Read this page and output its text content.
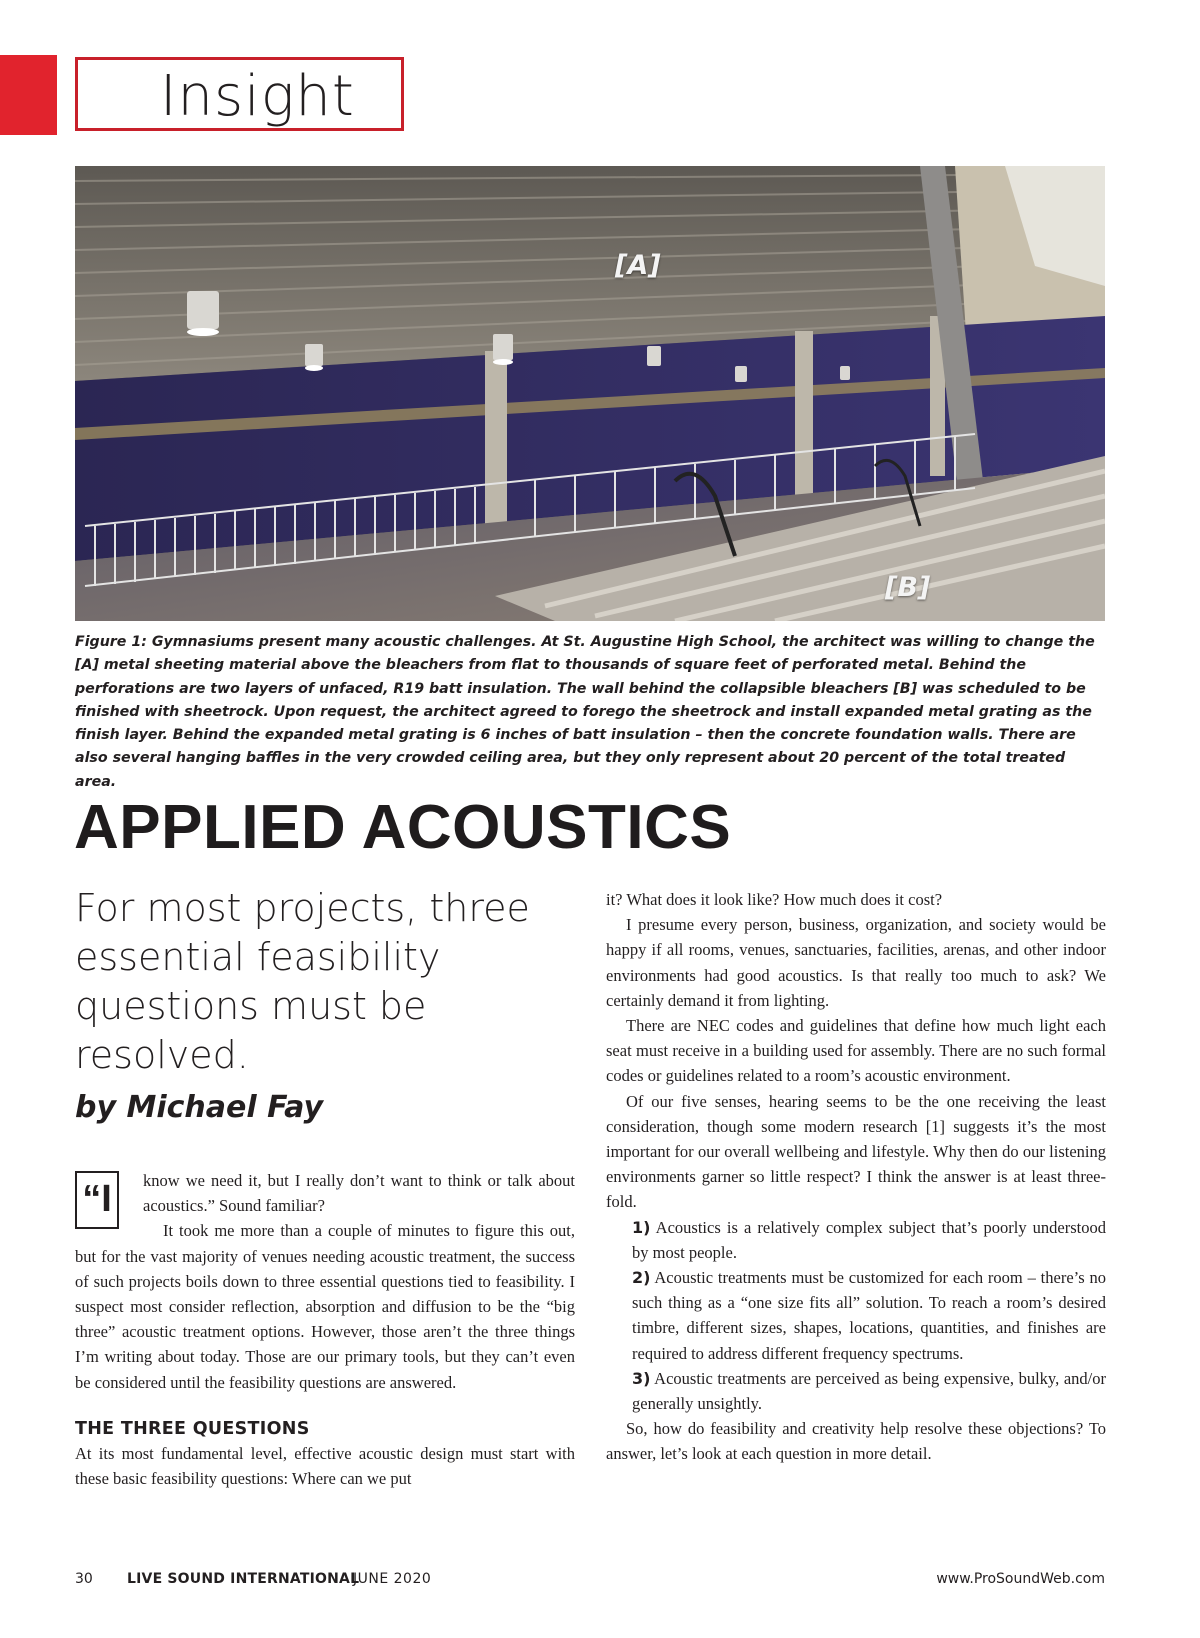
Insight
[A]
[B]
Figure 1: Gymnasiums present many acoustic challenges. At St. Augustine High School, the architect was willing to change the [A] metal sheeting material above the bleachers from flat to thousands of square feet of perforated metal. Behind the perforations are two layers of unfaced, R19 batt insulation. The wall behind the collapsible bleachers [B] was scheduled to be finished with sheetrock. Upon request, the architect agreed to forego the sheetrock and install expanded metal grating as the finish layer. Behind the expanded metal grating is 6 inches of batt insulation – then the concrete foundation walls. There are also several hanging baffles in the very crowded ceiling area, but they only represent about 20 percent of the total treated area.
APPLIED ACOUSTICS
For most projects, three essential feasibility questions must be resolved.
by Michael Fay
“I	know we need it, but I really don’t want to think or talk about acoustics.” Sound familiar?

It took me more than a couple of minutes to figure this out, but for the vast majority of venues needing acoustic treatment, the success of such projects boils down to three essential questions tied to feasibility. I suspect most consider reflection, absorption and diffusion to be the “big three” acoustic treatment options. However, those aren’t the three things I’m writing about today. Those are our primary tools, but they can’t even be considered until the feasibility questions are answered.

THE THREE QUESTIONS

At its most fundamental level, effective acoustic design must start with these basic feasibility questions: Where can we put

it? What does it look like? How much does it cost?

I presume every person, business, organization, and society would be happy if all rooms, venues, sanctuaries, facilities, arenas, and other indoor environments had good acoustics. Is that really too much to ask? We certainly demand it from lighting.

There are NEC codes and guidelines that define how much light each seat must receive in a building used for assembly. There are no such formal codes or guidelines related to a room’s acoustic environment.

Of our five senses, hearing seems to be the one receiving the least consideration, though some modern research [1] suggests it’s the most important for our overall wellbeing and lifestyle. Why then do our listening environments garner so little respect? I think the answer is at least three-fold.

1) Acoustics is a relatively complex subject that’s poorly understood by most people.
2) Acoustic treatments must be customized for each room – there’s no such thing as a “one size fits all” solution. To reach a room’s desired timbre, different sizes, shapes, locations, quantities, and finishes are required to address different frequency spectrums.
3) Acoustic treatments are perceived as being expensive, bulky, and/or generally unsightly.

So, how do feasibility and creativity help resolve these objections? To answer, let’s look at each question in more detail.

30 LIVE SOUND INTERNATIONAL
JUNE 2020	www.ProSoundWeb.com
